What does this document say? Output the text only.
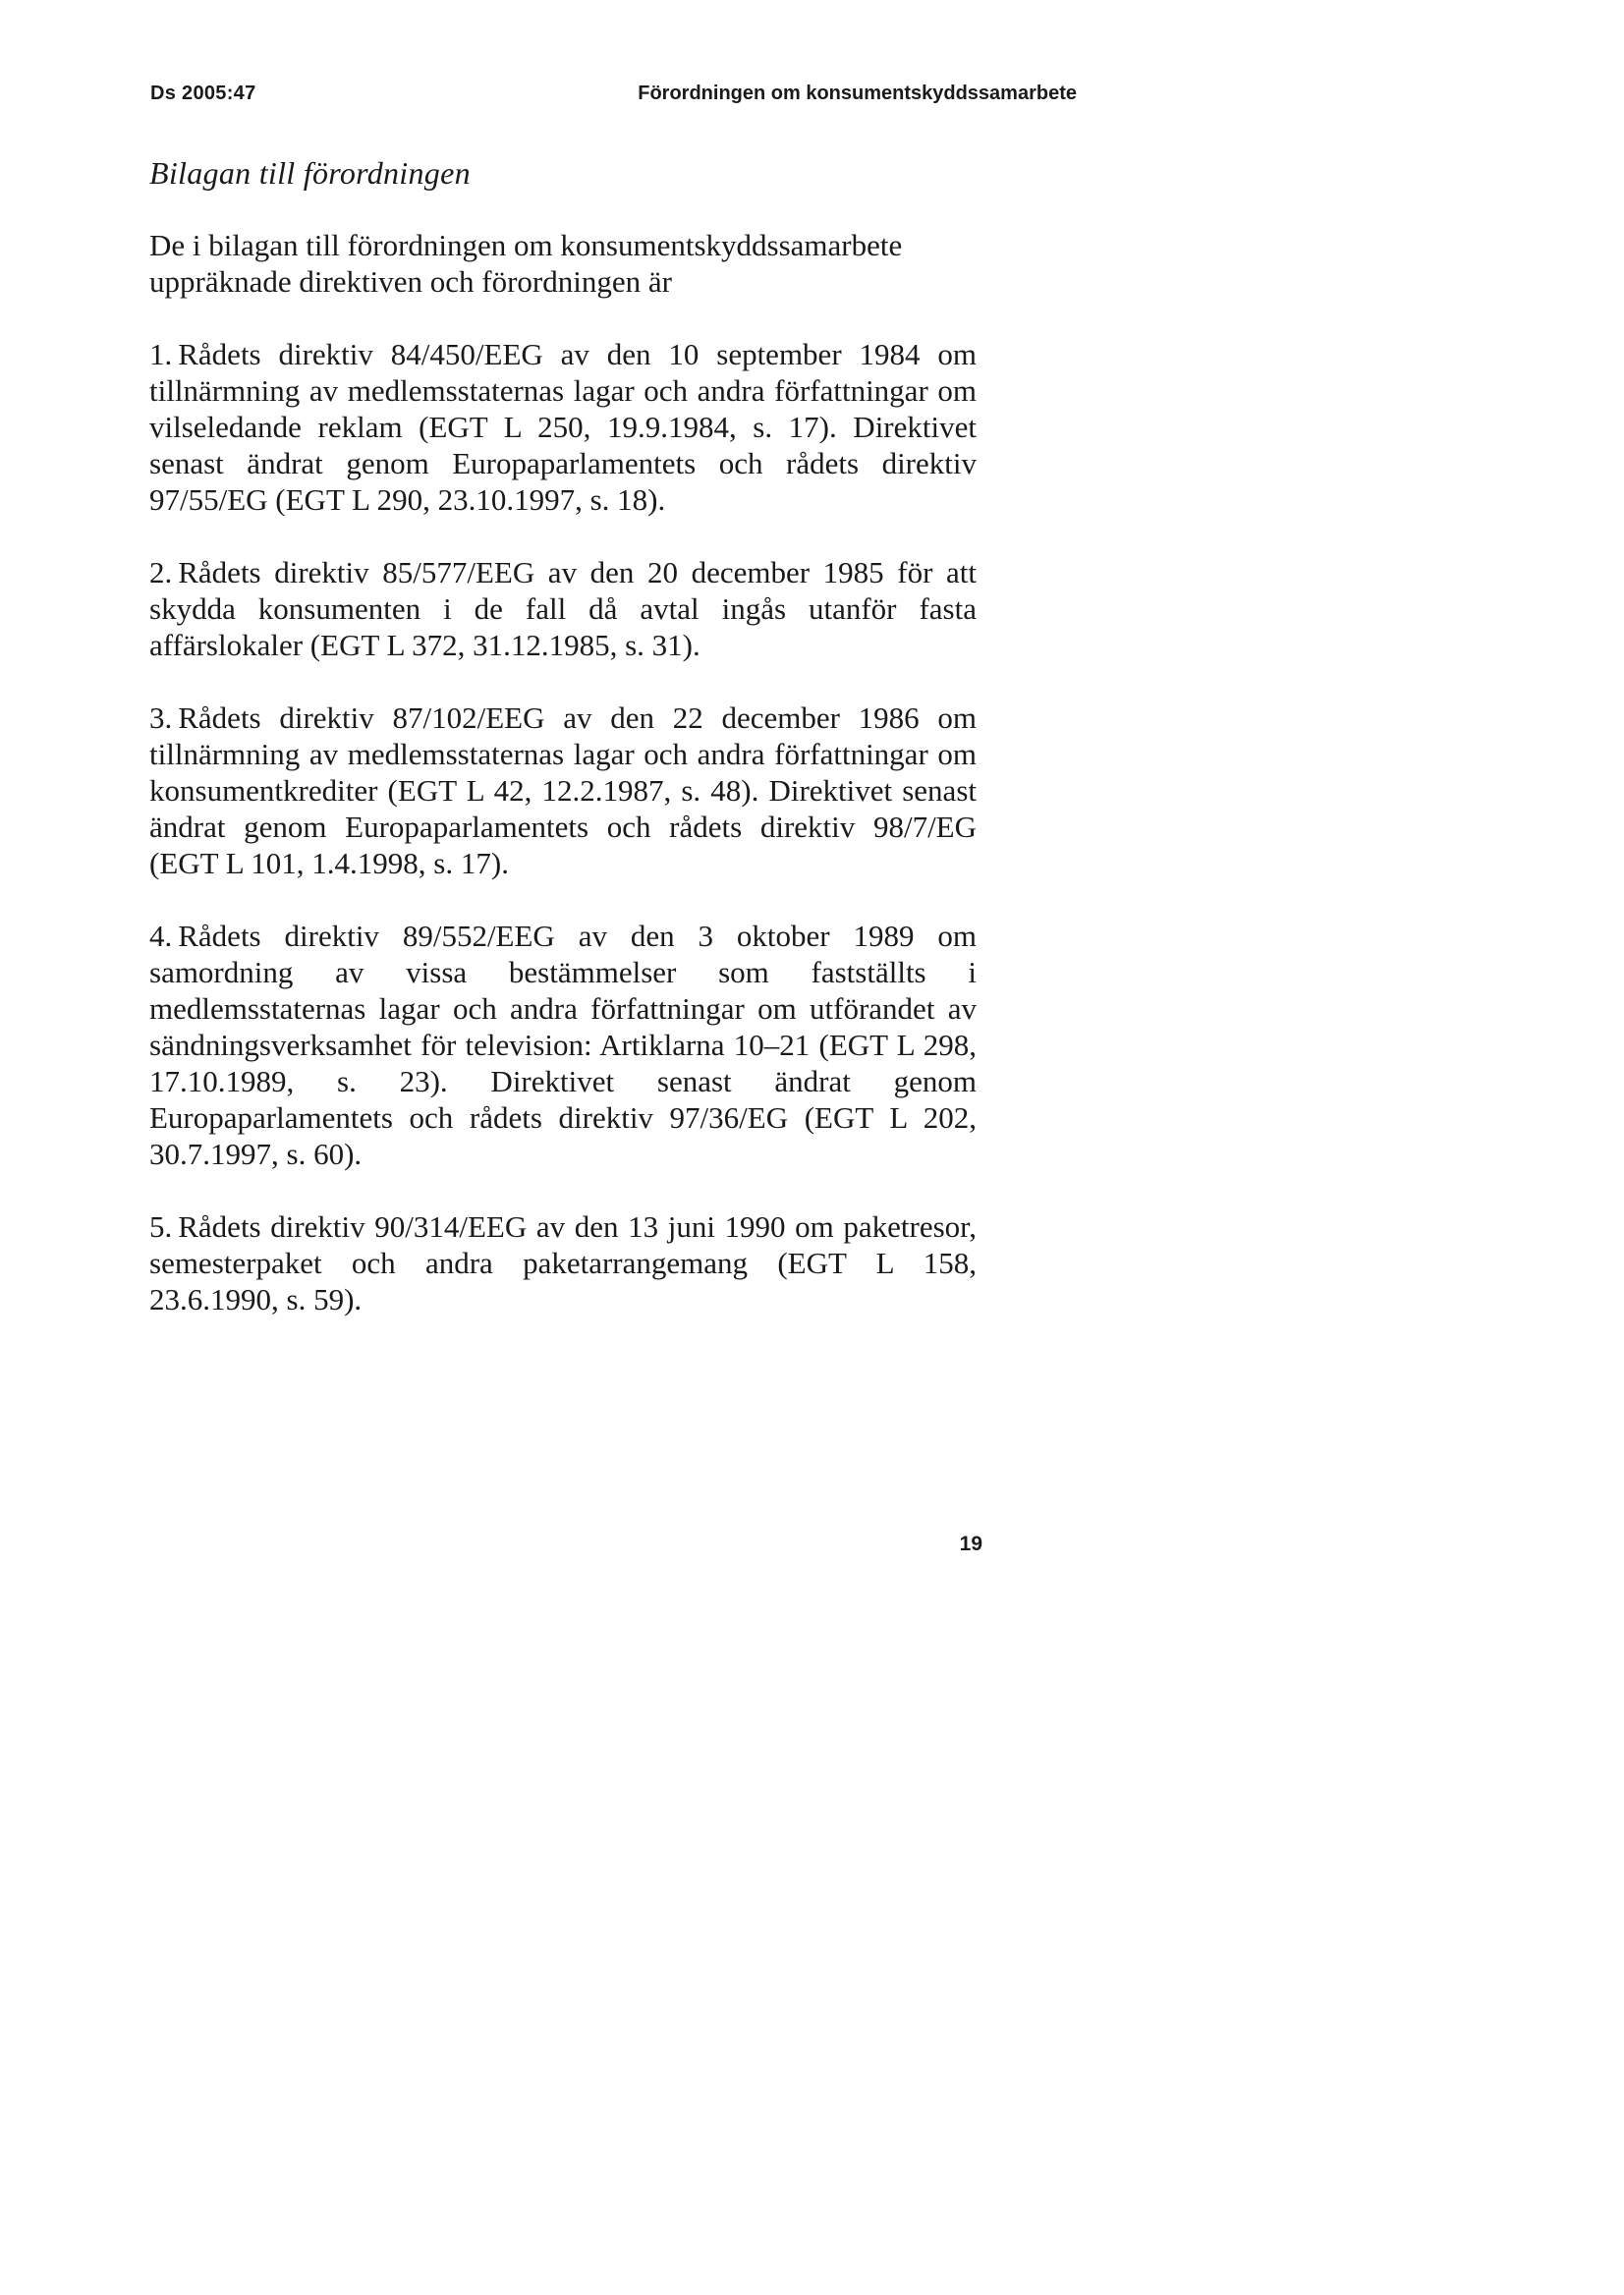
Ds 2005:47	Förordningen om konsumentskyddssamarbete
Bilagan till förordningen

De i bilagan till förordningen om konsumentskyddssamarbete uppräknade direktiven och förordningen är

1. Rådets direktiv 84/450/EEG av den 10 september 1984 om tillnärmning av medlemsstaternas lagar och andra författningar om vilseledande reklam (EGT L 250, 19.9.1984, s. 17). Direktivet senast ändrat genom Europaparlamentets och rådets direktiv 97/55/EG (EGT L 290, 23.10.1997, s. 18).

2. Rådets direktiv 85/577/EEG av den 20 december 1985 för att skydda konsumenten i de fall då avtal ingås utanför fasta affärslokaler (EGT L 372, 31.12.1985, s. 31).

3. Rådets direktiv 87/102/EEG av den 22 december 1986 om tillnärmning av medlemsstaternas lagar och andra författningar om konsumentkrediter (EGT L 42, 12.2.1987, s. 48). Direktivet senast ändrat genom Europaparlamentets och rådets direktiv 98/7/EG (EGT L 101, 1.4.1998, s. 17).

4. Rådets direktiv 89/552/EEG av den 3 oktober 1989 om samordning av vissa bestämmelser som fastställts i medlemsstaternas lagar och andra författningar om utförandet av sändningsverksamhet för television: Artiklarna 10–21 (EGT L 298, 17.10.1989, s. 23). Direktivet senast ändrat genom Europaparlamentets och rådets direktiv 97/36/EG (EGT L 202, 30.7.1997, s. 60).

5. Rådets direktiv 90/314/EEG av den 13 juni 1990 om paketresor, semesterpaket och andra paketarrangemang (EGT L 158, 23.6.1990, s. 59).

19
